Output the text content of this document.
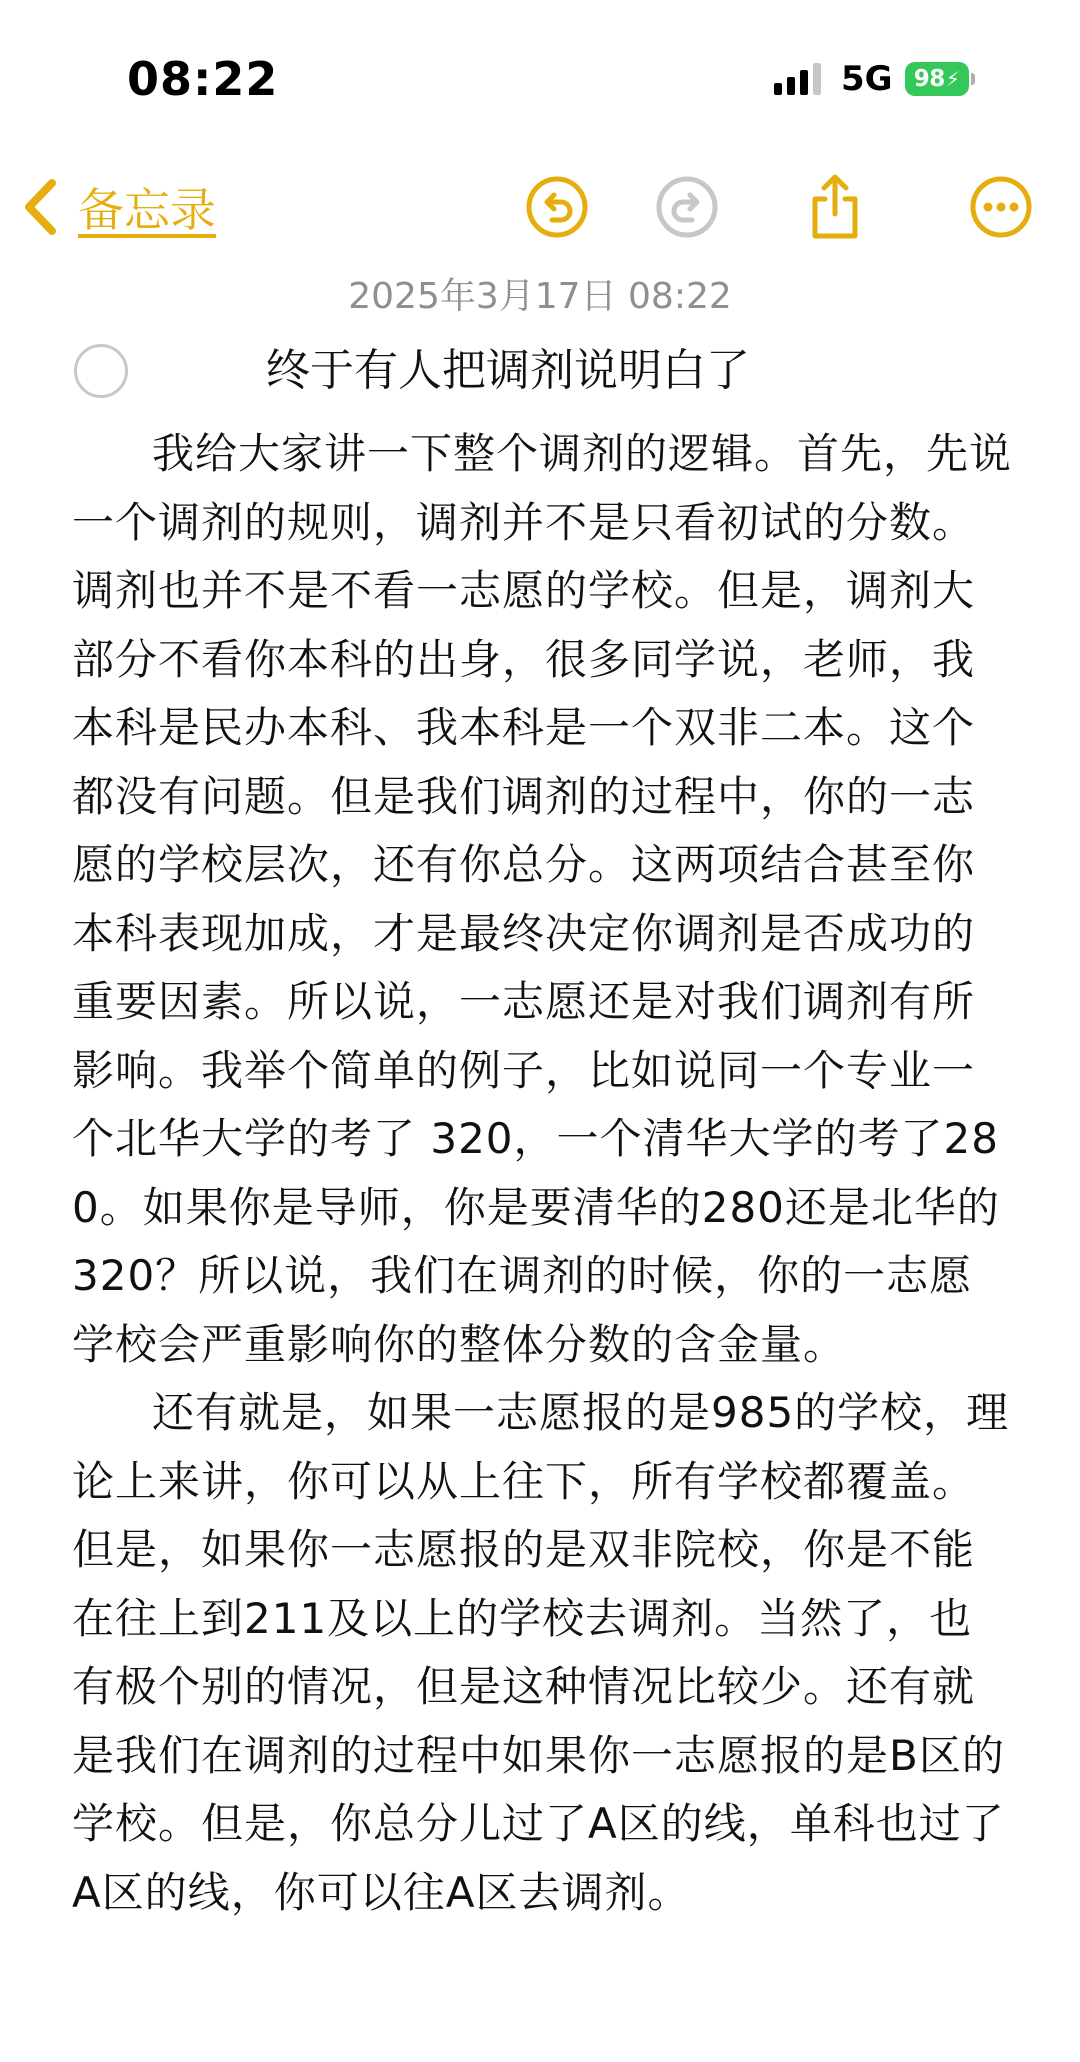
08:22	5G 98 ⚡
备忘录
2025年3月17日 08:22
终于有人把调剂说明白了

我给大家讲一下整个调剂的逻辑。首先，先说一个调剂的规则，调剂并不是只看初试的分数。调剂也并不是不看一志愿的学校。但是，调剂大部分不看你本科的出身，很多同学说，老师，我本科是民办本科、我本科是一个双非二本。这个都没有问题。但是我们调剂的过程中，你的一志愿的学校层次，还有你总分。这两项结合甚至你本科表现加成，才是最终决定你调剂是否成功的重要因素。所以说，一志愿还是对我们调剂有所影响。我举个简单的例子，比如说同一个专业一个北华大学的考了 320，一个清华大学的考了280。如果你是导师，你是要清华的280还是北华的320？所以说，我们在调剂的时候，你的一志愿学校会严重影响你的整体分数的含金量。

还有就是，如果一志愿报的是985的学校，理论上来讲，你可以从上往下，所有学校都覆盖。但是，如果你一志愿报的是双非院校，你是不能在往上到211及以上的学校去调剂。当然了，也有极个别的情况，但是这种情况比较少。还有就是我们在调剂的过程中如果你一志愿报的是B区的学校。但是，你总分儿过了A区的线，单科也过了A区的线，你可以往A区去调剂。
